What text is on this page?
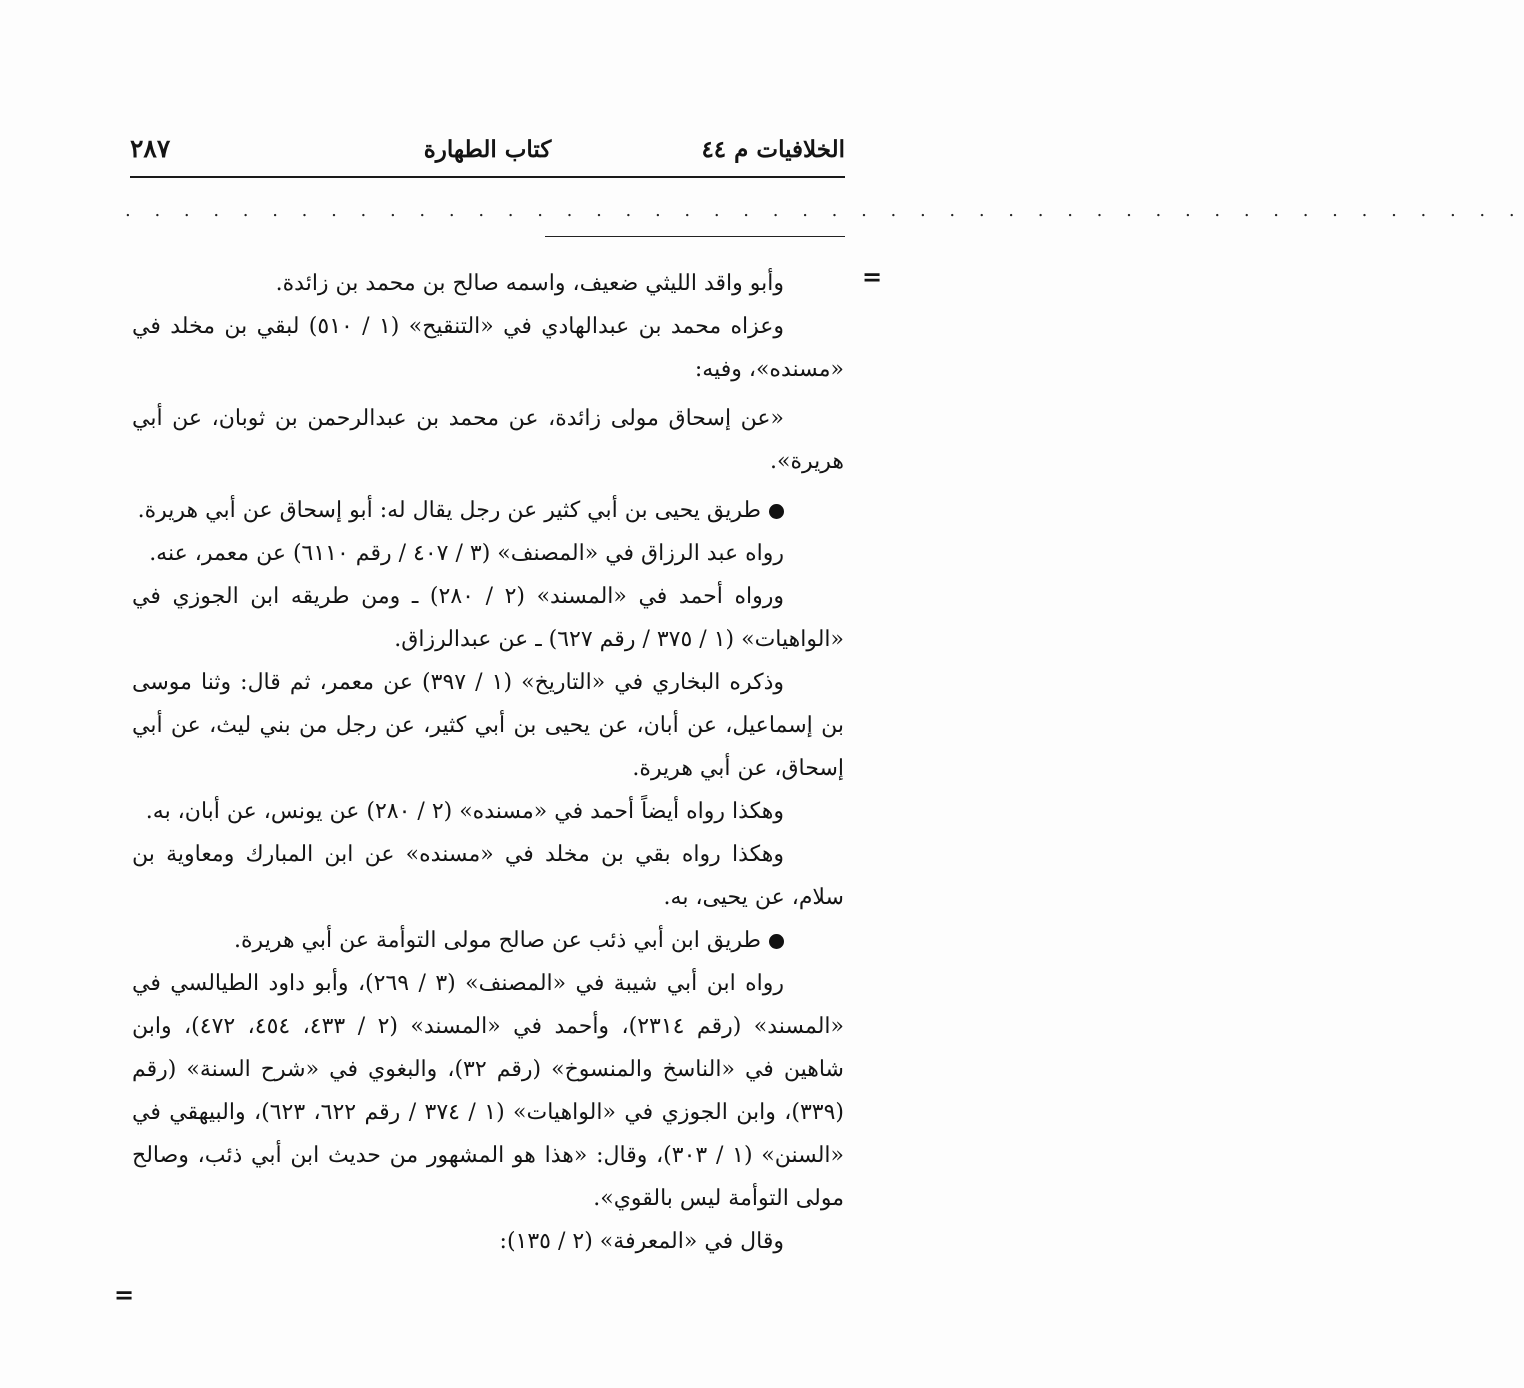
الخلافيات م ٤٤
كتاب الطهارة
٢٨٧
. . . . . . . . . . . . . . . . . . . . . . . . . . . . . . . . . . . . . . . . . . . . . . . .
=

وأبو واقد الليثي ضعيف، واسمه صالح بن محمد بن زائدة.

وعزاه محمد بن عبدالهادي في «التنقيح» (١ / ٥١٠) لبقي بن مخلد في «مسنده»، وفيه:

«عن إسحاق مولى زائدة، عن محمد بن عبدالرحمن بن ثوبان، عن أبي هريرة».

طريق يحيى بن أبي كثير عن رجل يقال له: أبو إسحاق عن أبي هريرة.

رواه عبد الرزاق في «المصنف» (٣ / ٤٠٧ / رقم ٦١١٠) عن معمر، عنه.

ورواه أحمد في «المسند» (٢ / ٢٨٠) ـ ومن طريقه ابن الجوزي في «الواهيات» (١ / ٣٧٥ / رقم ٦٢٧) ـ عن عبدالرزاق.

وذكره البخاري في «التاريخ» (١ / ٣٩٧) عن معمر، ثم قال: وثنا موسى بن إسماعيل، عن أبان، عن يحيى بن أبي كثير، عن رجل من بني ليث، عن أبي إسحاق، عن أبي هريرة.

وهكذا رواه أيضاً أحمد في «مسنده» (٢ / ٢٨٠) عن يونس، عن أبان، به.

وهكذا رواه بقي بن مخلد في «مسنده» عن ابن المبارك ومعاوية بن سلام، عن يحيى، به.

طريق ابن أبي ذئب عن صالح مولى التوأمة عن أبي هريرة.

رواه ابن أبي شيبة في «المصنف» (٣ / ٢٦٩)، وأبو داود الطيالسي في «المسند» (رقم ٢٣١٤)، وأحمد في «المسند» (٢ / ٤٣٣، ٤٥٤، ٤٧٢)، وابن شاهين في «الناسخ والمنسوخ» (رقم ٣٢)، والبغوي في «شرح السنة» (رقم (٣٣٩)، وابن الجوزي في «الواهيات» (١ / ٣٧٤ / رقم ٦٢٢، ٦٢٣)، والبيهقي في «السنن» (١ / ٣٠٣)، وقال: «هذا هو المشهور من حديث ابن أبي ذئب، وصالح مولى التوأمة ليس بالقوي».

وقال في «المعرفة» (٢ / ١٣٥):

=
